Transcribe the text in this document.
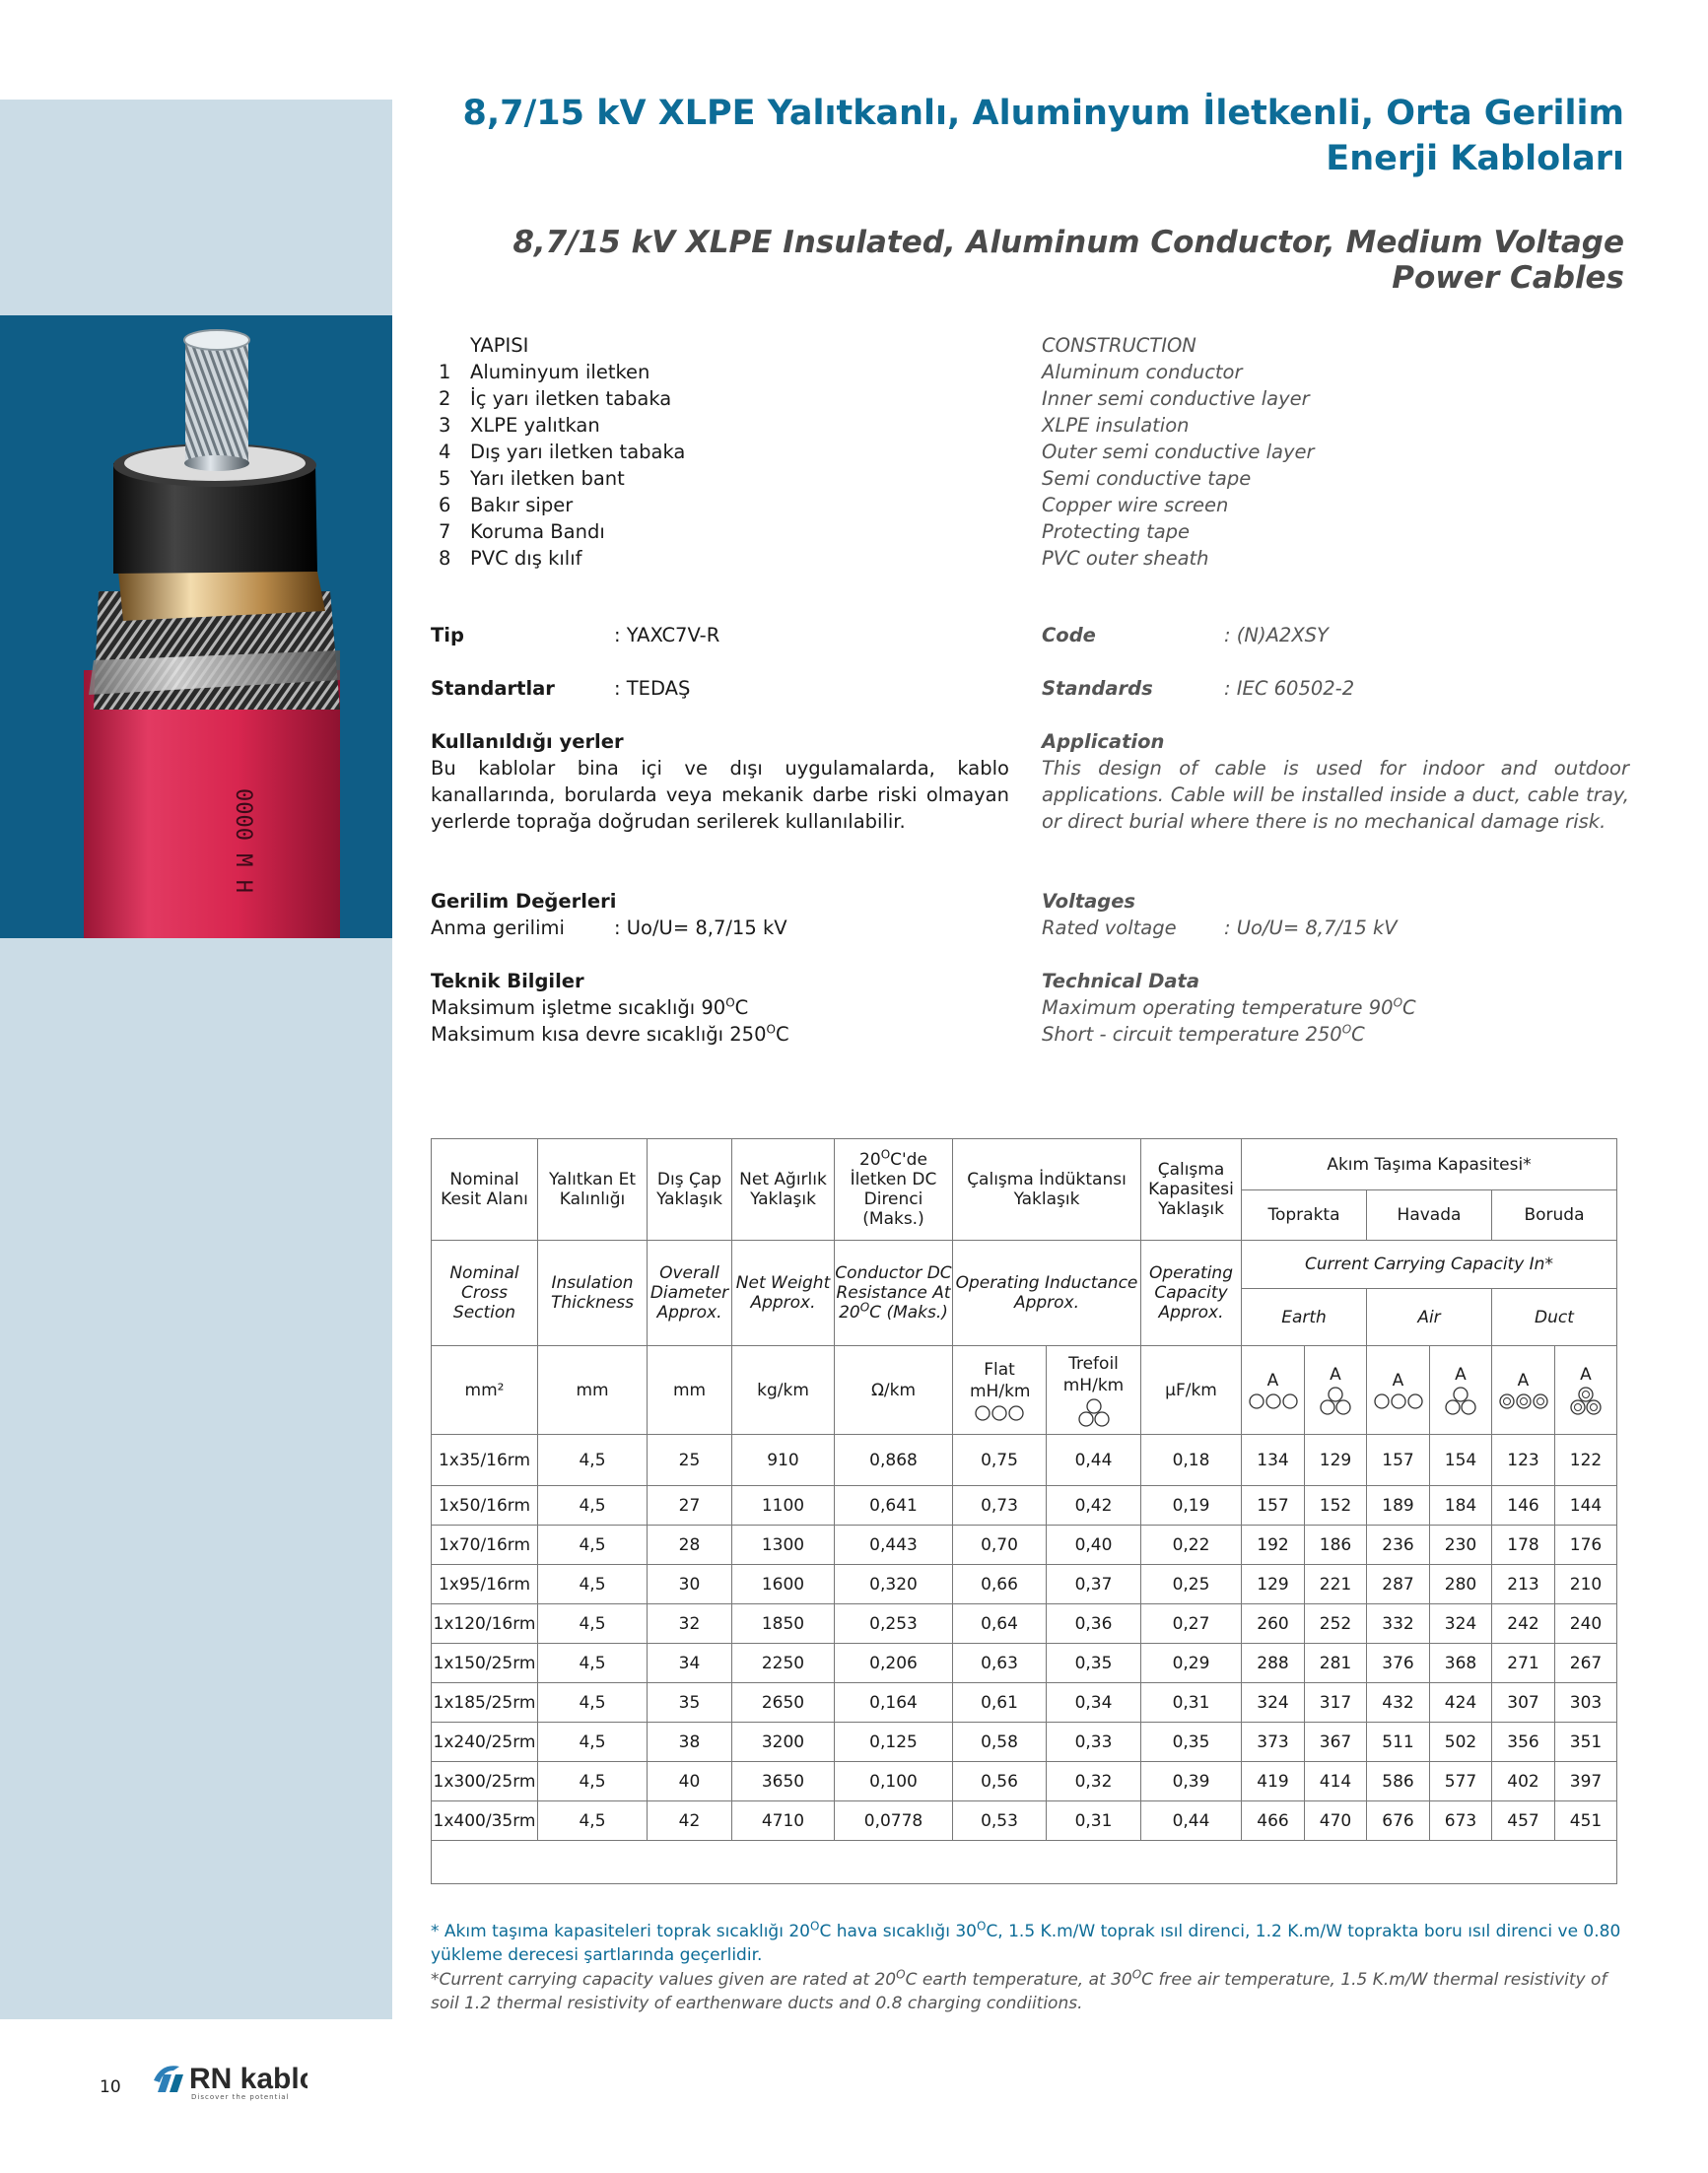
0000 M H
8,7/15 kV XLPE Yalıtkanlı, Aluminyum İletkenli, Orta Gerilim
Enerji Kabloları
8,7/15 kV XLPE Insulated, Aluminum Conductor, Medium Voltage Power Cables
YAPISI
1	Aluminyum iletken
2	İç yarı iletken tabaka
3	XLPE yalıtkan
4	Dış yarı iletken tabaka
5	Yarı iletken bant
6	Bakır siper
7	Koruma Bandı
8	PVC dış kılıf
CONSTRUCTION
Aluminum conductor
Inner semi conductive layer
XLPE insulation
Outer semi conductive layer
Semi conductive tape
Copper wire screen
Protecting tape
PVC outer sheath
Tip	: YAXC7V-R	Code	: (N)A2XSY
Standartlar	: TEDAŞ	Standards	: IEC 60502-2
Kullanıldığı yerler
Bu kablolar bina içi ve dışı uygulamalarda, kablo kanallarında, borularda veya mekanik darbe riski olmayan yerlerde toprağa doğrudan serilerek kullanılabilir.
Application
This design of cable is used for indoor and outdoor applications. Cable will be installed inside a duct, cable tray, or direct burial where there is no mechanical damage risk.
Gerilim Değerleri
Anma gerilimi	: Uo/U= 8,7/15 kV
Voltages
Rated voltage : Uo/U= 8,7/15 kV
Teknik Bilgiler
Maksimum işletme sıcaklığı $90^OC$
Maksimum kısa devre sıcaklığı $250^OC$
Technical Data
Maximum operating temperature $90^OC$
Short - circuit temperature $250^OC$
Nominal Kesit Alanı	Yalıtkan Et Kalınlığı	Dış Çap Yaklaşık	Net Ağırlık Yaklaşık	$20^OC'de$ İletken DC Direnci (Maks.)	Çalışma İndüktansı Yaklaşık		Çalışma Kapasitesi Yaklaşık	Akım Taşıma Kapasitesi*					
								Toprakta		Havada		Boruda	
Nominal Cross Section	Insulation Thickness	Overall Diameter Approx.	Net Weight Approx.	Conductor DC Resistance At $20^OC$ (Maks.)	Operating Inductance Approx.		Operating Capacity Approx.	Current Carrying Capacity In*					
								Earth		Air		Duct	
mm²	mm	mm	kg/km	Ω/km	Flat mH/km	Trefoil mH/km	µF/km	A	A	A	A	A	A

1x35/16rm	4,5	25	910	0,868	0,75	0,44	0,18	134	129	157	154	123	122
1x50/16rm	4,5	27	1100	0,641	0,73	0,42	0,19	157	152	189	184	146	144
1x70/16rm	4,5	28	1300	0,443	0,70	0,40	0,22	192	186	236	230	178	176
1x95/16rm	4,5	30	1600	0,320	0,66	0,37	0,25	129	221	287	280	213	210
1x120/16rm	4,5	32	1850	0,253	0,64	0,36	0,27	260	252	332	324	242	240
1x150/25rm	4,5	34	2250	0,206	0,63	0,35	0,29	288	281	376	368	271	267
1x185/25rm	4,5	35	2650	0,164	0,61	0,34	0,31	324	317	432	424	307	303
1x240/25rm	4,5	38	3200	0,125	0,58	0,33	0,35	373	367	511	502	356	351
1x300/25rm	4,5	40	3650	0,100	0,56	0,32	0,39	419	414	586	577	402	397
1x400/35rm	4,5	42	4710	0,0778	0,53	0,31	0,44	466	470	676	673	457	451

* Akım taşıma kapasiteleri toprak sıcaklığı $20^OC$ hava sıcaklığı $30^OC$, 1.5 K.m/W toprak ısıl direnci, 1.2 K.m/W toprakta boru ısıl direnci ve 0.80 yükleme derecesi şartlarında geçerlidir.
*Current carrying capacity values given are rated at $20^OC$ earth temperature, at $30^OC$ free air temperature, 1.5 K.m/W thermal resistivity of soil 1.2 thermal resistivity of earthenware ducts and 0.8 charging condiitions.
10 RN kablo
Discover the potential
